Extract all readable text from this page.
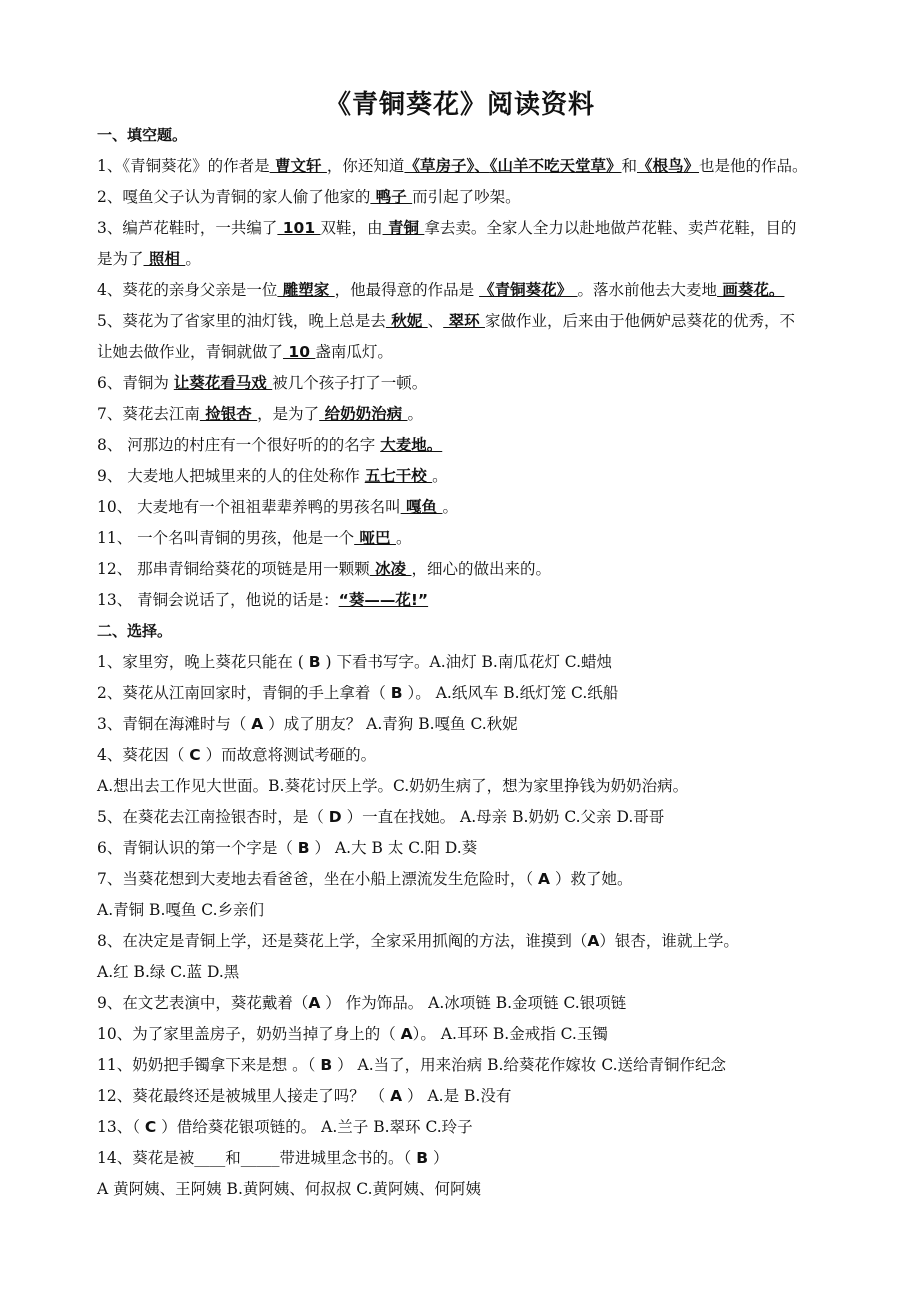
《青铜葵花》阅读资料
一、填空题。
1、《青铜葵花》的作者是 曹文轩 ，你还知道《草房子》、《山羊不吃天堂草》和《根鸟》也是他的作品。
2、嘎鱼父子认为青铜的家人偷了他家的 鸭子 而引起了吵架。
3、编芦花鞋时，一共编了 101 双鞋，由 青铜 拿去卖。全家人全力以赴地做芦花鞋、卖芦花鞋，目的
是为了 照相 。
4、葵花的亲身父亲是一位 雕塑家 ，他最得意的作品是 《青铜葵花》 。落水前他去大麦地 画葵花。
5、葵花为了省家里的油灯钱，晚上总是去 秋妮 、 翠环 家做作业，后来由于他俩妒忌葵花的优秀，不
让她去做作业，青铜就做了 10 盏南瓜灯。
6、青铜为 让葵花看马戏 被几个孩子打了一顿。
7、葵花去江南 捡银杏 ，是为了 给奶奶治病 。
8、 河那边的村庄有一个很好听的的名字 大麦地。
9、 大麦地人把城里来的人的住处称作 五七干校 。
10、 大麦地有一个祖祖辈辈养鸭的男孩名叫 嘎鱼 。
11、 一个名叫青铜的男孩，他是一个 哑巴 。
12、 那串青铜给葵花的项链是用一颗颗 冰凌 ，细心的做出来的。
13、 青铜会说话了，他说的话是：“葵——花!”
二、选择。
1、家里穷，晚上葵花只能在 ( B ) 下看书写字。A.油灯 B.南瓜花灯 C.蜡烛
2、葵花从江南回家时，青铜的手上拿着（ B ）。 A.纸风车 B.纸灯笼 C.纸船
3、青铜在海滩时与（ A ）成了朋友？ A.青狗 B.嘎鱼 C.秋妮
4、葵花因（ C ）而故意将测试考砸的。
A.想出去工作见大世面。B.葵花讨厌上学。C.奶奶生病了，想为家里挣钱为奶奶治病。
5、在葵花去江南捡银杏时，是（ D ）一直在找她。 A.母亲 B.奶奶 C.父亲 D.哥哥
6、青铜认识的第一个字是（ B ） A.大 B 太 C.阳 D.葵
7、当葵花想到大麦地去看爸爸，坐在小船上漂流发生危险时，（ A ）救了她。
A.青铜 B.嘎鱼 C.乡亲们
8、在决定是青铜上学，还是葵花上学，全家采用抓阄的方法，谁摸到（A）银杏，谁就上学。
A.红 B.绿 C.蓝 D.黑
9、在文艺表演中，葵花戴着（A ） 作为饰品。 A.冰项链 B.金项链 C.银项链
10、为了家里盖房子，奶奶当掉了身上的（ A）。 A.耳环 B.金戒指 C.玉镯
11、奶奶把手镯拿下来是想 。（ B ） A.当了，用来治病 B.给葵花作嫁妆 C.送给青铜作纪念
12、葵花最终还是被城里人接走了吗？ （ A ） A.是 B.没有
13、（ C ）借给葵花银项链的。 A.兰子 B.翠环 C.玲子
14、葵花是被____和_____带进城里念书的。（ B ）
A 黄阿姨、王阿姨 B.黄阿姨、何叔叔 C.黄阿姨、何阿姨
